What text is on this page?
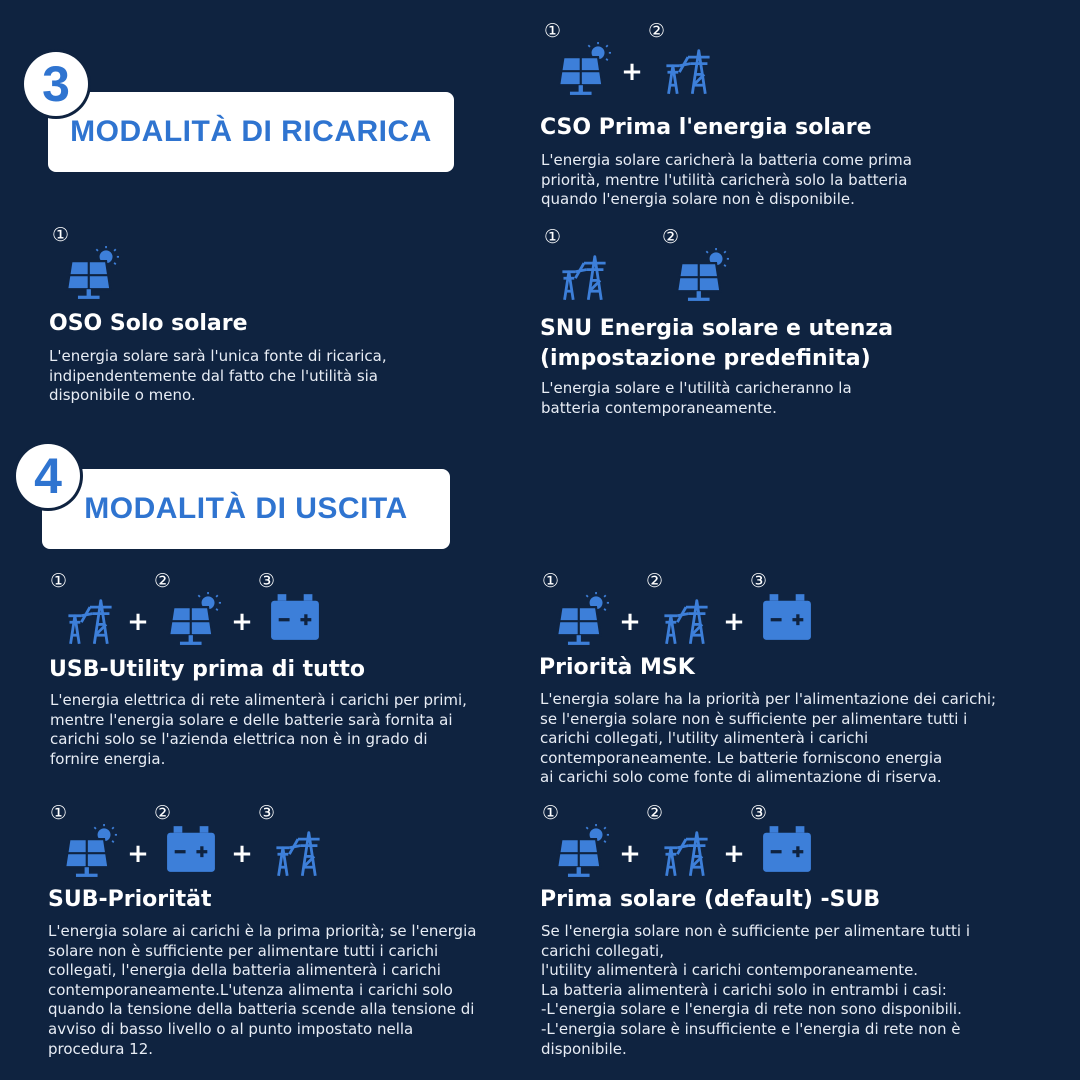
MODALITÀ DI RICARICA
3
①
+
②
CSO Prima l'energia solare
L'energia solare caricherà la batteria come prima
priorità, mentre l'utilità caricherà solo la batteria
quando l'energia solare non è disponibile.
①
OSO Solo solare
L'energia solare sarà l'unica fonte di ricarica,
indipendentemente dal fatto che l'utilità sia
disponibile o meno.
①	②
SNU Energia solare e utenza
(impostazione predefinita)
L'energia solare e l'utilità caricheranno la
batteria contemporaneamente.
MODALITÀ DI USCITA
4
①
+
②
+
③
USB-Utility prima di tutto
L'energia elettrica di rete alimenterà i carichi per primi,
mentre l'energia solare e delle batterie sarà fornita ai
carichi solo se l'azienda elettrica non è in grado di
fornire energia.
①
+
②
+
③
Priorità MSK
L'energia solare ha la priorità per l'alimentazione dei carichi;
se l'energia solare non è sufficiente per alimentare tutti i
carichi collegati, l'utility alimenterà i carichi
contemporaneamente. Le batterie forniscono energia
ai carichi solo come fonte di alimentazione di riserva.
①
+
②
+
③
SUB-Prioritӓt
L'energia solare ai carichi è la prima priorità; se l'energia
solare non è sufficiente per alimentare tutti i carichi
collegati, l'energia della batteria alimenterà i carichi
contemporaneamente.L'utenza alimenta i carichi solo
quando la tensione della batteria scende alla tensione di
avviso di basso livello o al punto impostato nella
procedura 12.
①
+
②
+
③
Prima solare (default) -SUB
Se l'energia solare non è sufficiente per alimentare tutti i
carichi collegati,
l'utility alimenterà i carichi contemporaneamente.
La batteria alimenterà i carichi solo in entrambi i casi:
-L'energia solare e l'energia di rete non sono disponibili.
-L'energia solare è insufficiente e l'energia di rete non è
disponibile.
